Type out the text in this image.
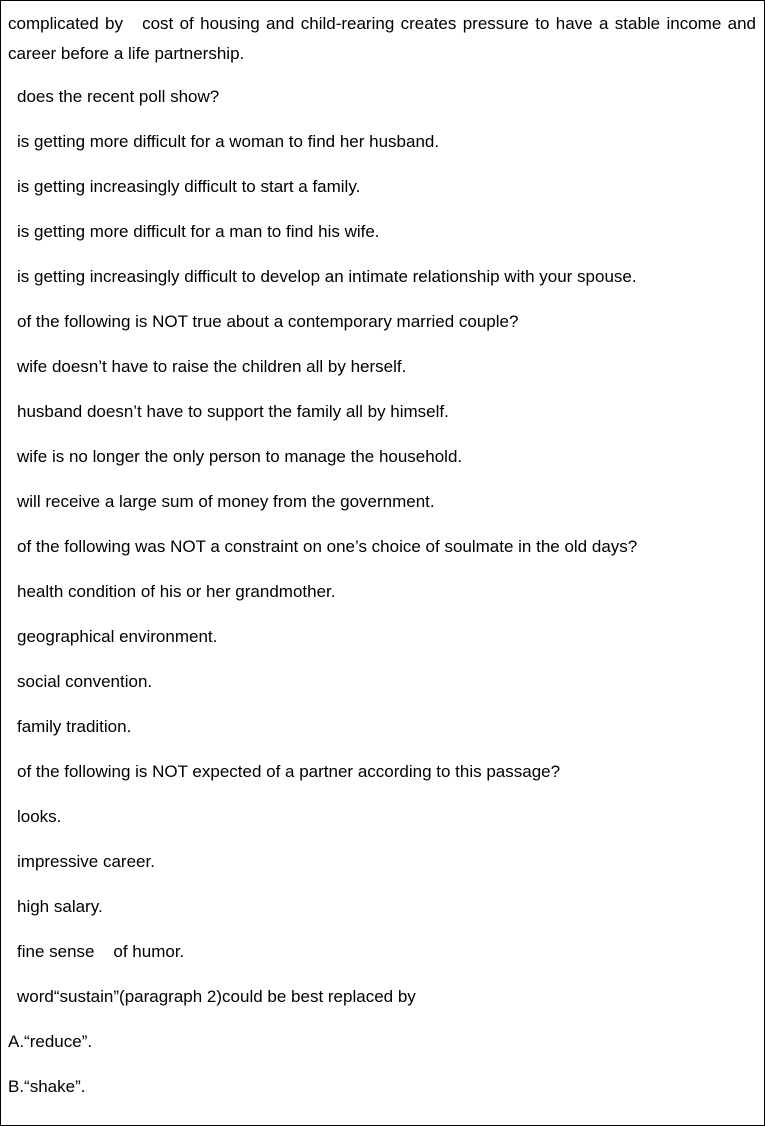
complicated by   cost of housing and child-rearing creates pressure to have a stable income and career before a life partnership.

does the recent poll show?

is getting more difficult for a woman to find her husband.

is getting increasingly difficult to start a family.

is getting more difficult for a man to find his wife.

is getting increasingly difficult to develop an intimate relationship with your spouse.

of the following is NOT true about a contemporary married couple?

wife doesn’t have to raise the children all by herself.

husband doesn’t have to support the family all by himself.

wife is no longer the only person to manage the household.

will receive a large sum of money from the government.

of the following was NOT a constraint on one’s choice of soulmate in the old days?

health condition of his or her grandmother.

geographical environment.

social convention.

family tradition.

of the following is NOT expected of a partner according to this passage?

looks.

impressive career.

high salary.

fine sense    of humor.

word“sustain”(paragraph 2)could be best replaced by

A.“reduce”.

B.“shake”.
